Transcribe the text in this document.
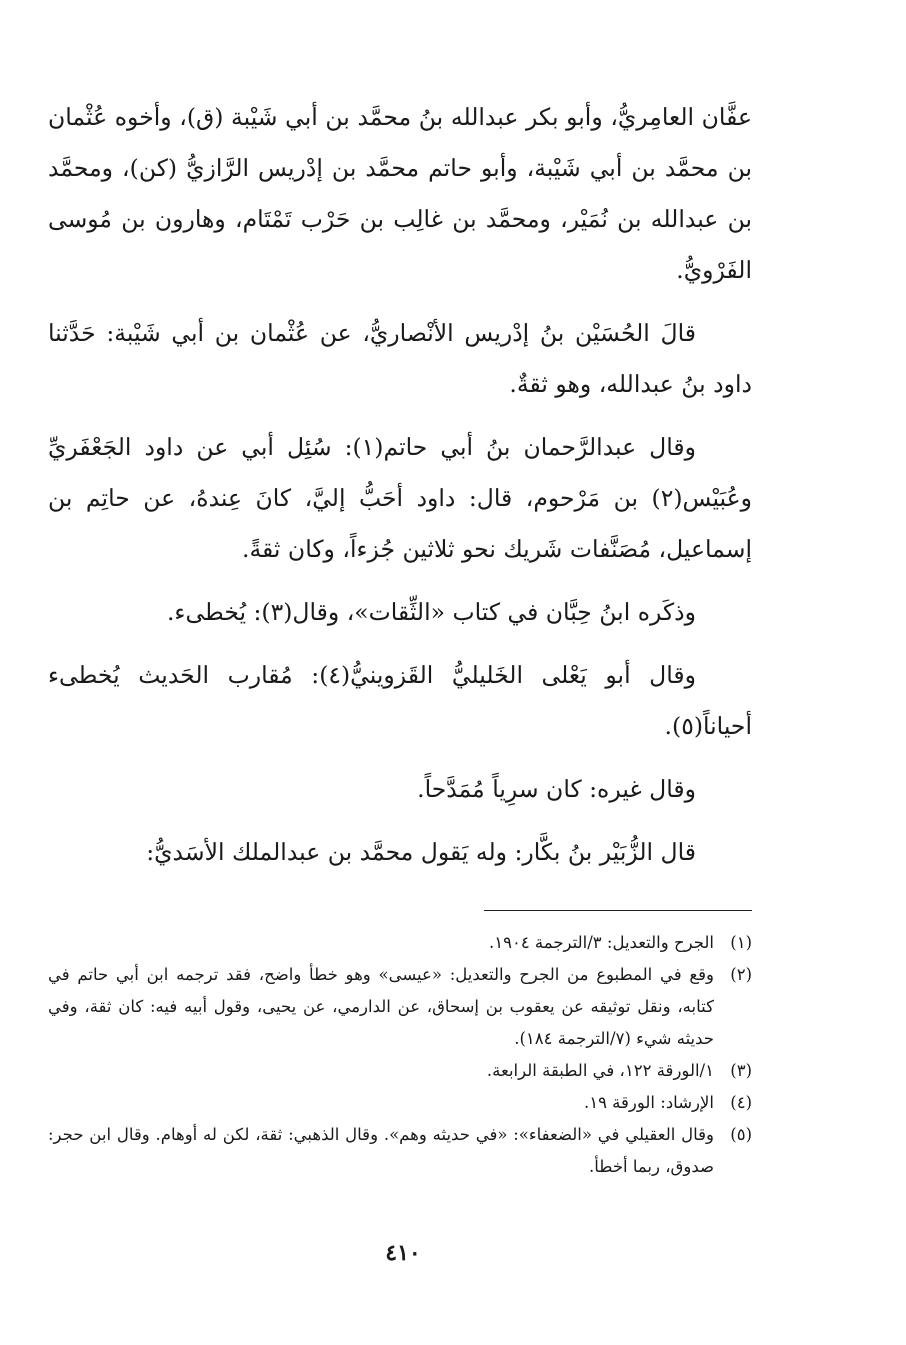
عفَّان العامِريُّ، وأبو بكر عبدالله بنُ محمَّد بن أبي شَيْبة (ق)، وأخوه عُثْمان بن محمَّد بن أبي شَيْبة، وأبو حاتم محمَّد بن إدْريس الرَّازيُّ (كن)، ومحمَّد بن عبدالله بن نُمَيْر، ومحمَّد بن غالِب بن حَرْب تَمْتَام، وهارون بن مُوسى الفَرْويُّ.

قالَ الحُسَيْن بنُ إدْريس الأنْصاريُّ، عن عُثْمان بن أبي شَيْبة: حَدَّثنا داود بنُ عبدالله، وهو ثقةٌ.

وقال عبدالرَّحمان بنُ أبي حاتم(١): سُئِل أبي عن داود الجَعْفَريِّ وعُبَيْس(٢) بن مَرْحوم، قال: داود أحَبُّ إليَّ، كانَ عِندهُ، عن حاتِم بن إسماعيل، مُصَنَّفات شَريك نحو ثلاثين جُزءاً، وكان ثقةً.

وذكَره ابنُ حِبَّان في كتاب «الثِّقات»، وقال(٣): يُخطىء.

وقال أبو يَعْلى الخَليليُّ القَزوينيُّ(٤): مُقارب الحَديث يُخطىء أحياناً(٥).

وقال غيره: كان سرِياً مُمَدَّحاً.

قال الزُّبَيْر بنُ بكَّار: وله يَقول محمَّد بن عبدالملك الأسَديُّ:

(١)
الجرح والتعديل: ٣/الترجمة ١٩٠٤.
(٢)
وقع في المطبوع من الجرح والتعديل: «عيسى» وهو خطأ واضح، فقد ترجمه ابن أبي حاتم في كتابه، ونقل توثيقه عن يعقوب بن إسحاق، عن الدارمي، عن يحيى، وقول أبيه فيه: كان ثقة، وفي حديثه شيء (٧/الترجمة ١٨٤).
(٣)
١/الورقة ١٢٢، في الطبقة الرابعة.
(٤)
الإرشاد: الورقة ١٩.
(٥)
وقال العقيلي في «الضعفاء»: «في حديثه وهم». وقال الذهبي: ثقة، لكن له أوهام. وقال ابن حجر: صدوق، ربما أخطأ.
٤١٠
